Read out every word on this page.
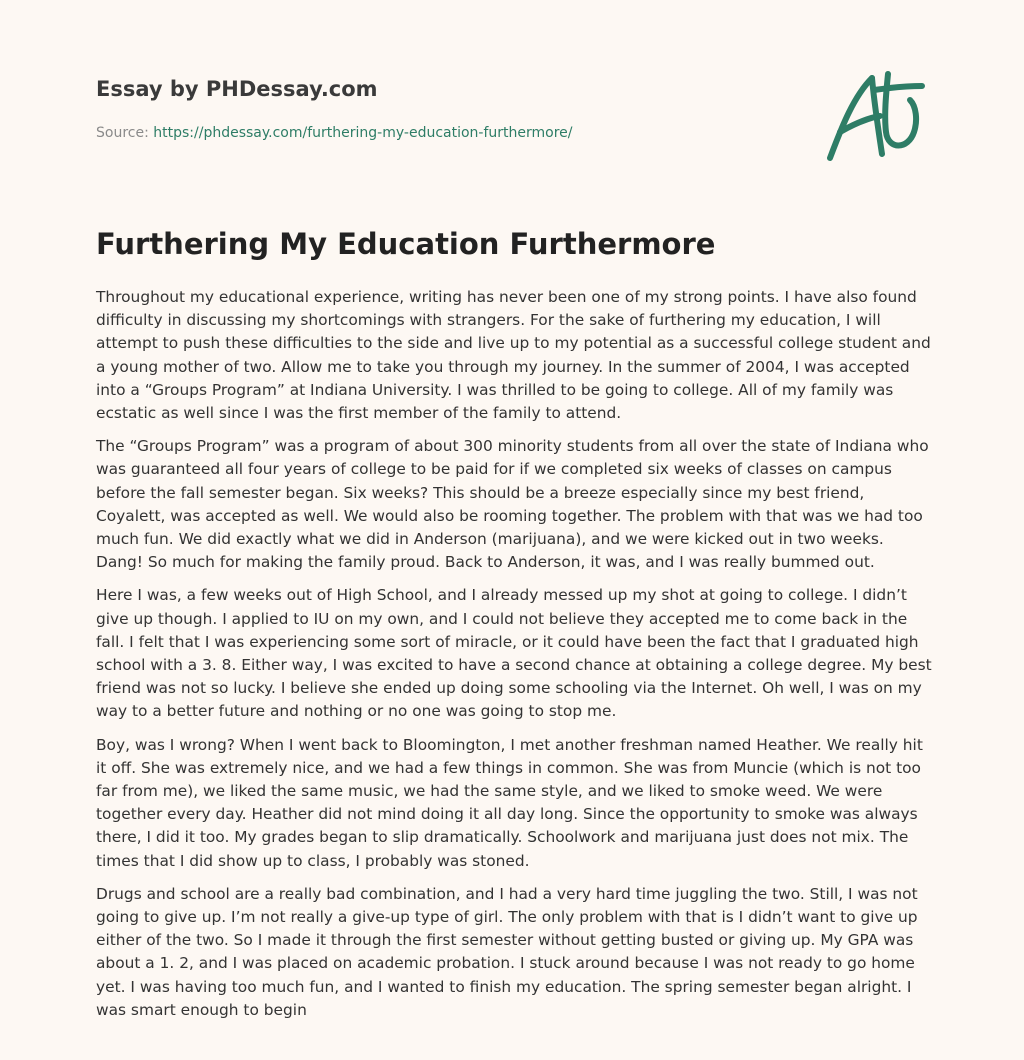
Essay by PHDessay.com
Source: https://phdessay.com/furthering-my-education-furthermore/
Furthering My Education Furthermore

Throughout my educational experience, writing has never been one of my strong points. I have also found difficulty in discussing my shortcomings with strangers. For the sake of furthering my education, I will attempt to push these difficulties to the side and live up to my potential as a successful college student and a young mother of two. Allow me to take you through my journey. In the summer of 2004, I was accepted into a “Groups Program” at Indiana University. I was thrilled to be going to college. All of my family was ecstatic as well since I was the first member of the family to attend.

The “Groups Program” was a program of about 300 minority students from all over the state of Indiana who was guaranteed all four years of college to be paid for if we completed six weeks of classes on campus before the fall semester began. Six weeks? This should be a breeze especially since my best friend, Coyalett, was accepted as well. We would also be rooming together. The problem with that was we had too much fun. We did exactly what we did in Anderson (marijuana), and we were kicked out in two weeks. Dang! So much for making the family proud. Back to Anderson, it was, and I was really bummed out.

Here I was, a few weeks out of High School, and I already messed up my shot at going to college. I didn’t give up though. I applied to IU on my own, and I could not believe they accepted me to come back in the fall. I felt that I was experiencing some sort of miracle, or it could have been the fact that I graduated high school with a 3. 8. Either way, I was excited to have a second chance at obtaining a college degree. My best friend was not so lucky. I believe she ended up doing some schooling via the Internet. Oh well, I was on my way to a better future and nothing or no one was going to stop me.

Boy, was I wrong? When I went back to Bloomington, I met another freshman named Heather. We really hit it off. She was extremely nice, and we had a few things in common. She was from Muncie (which is not too far from me), we liked the same music, we had the same style, and we liked to smoke weed. We were together every day. Heather did not mind doing it all day long. Since the opportunity to smoke was always there, I did it too. My grades began to slip dramatically. Schoolwork and marijuana just does not mix. The times that I did show up to class, I probably was stoned.

Drugs and school are a really bad combination, and I had a very hard time juggling the two. Still, I was not going to give up. I’m not really a give-up type of girl. The only problem with that is I didn’t want to give up either of the two. So I made it through the first semester without getting busted or giving up. My GPA was about a 1. 2, and I was placed on academic probation. I stuck around because I was not ready to go home yet. I was having too much fun, and I wanted to finish my education. The spring semester began alright. I was smart enough to begin
